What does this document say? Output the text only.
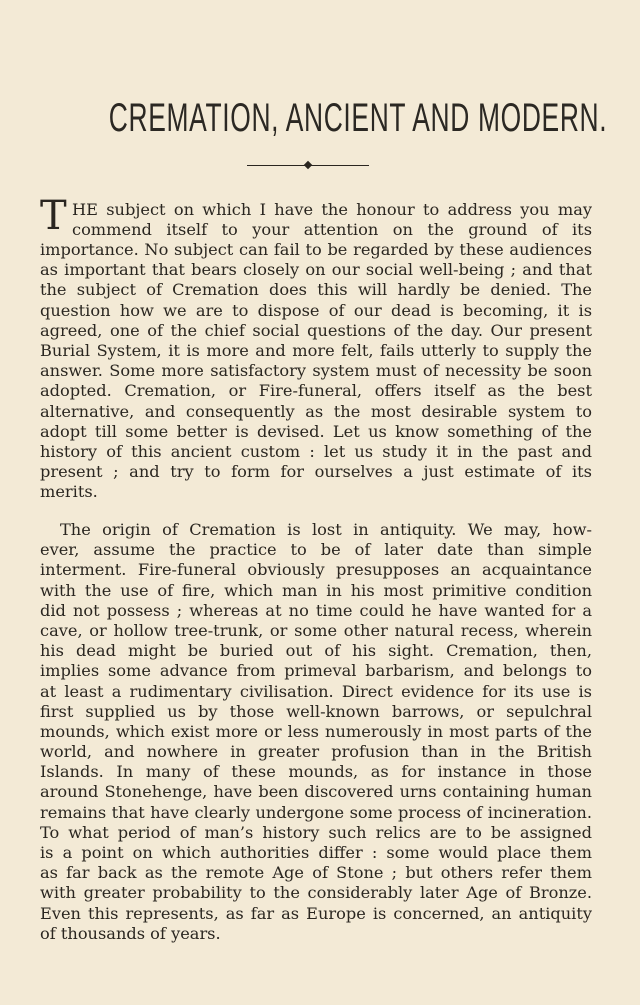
CREMATION, ANCIENT AND MODERN.
T HE subject on which I have the honour to address you may
commend itself to your attention on the ground of its
importance. No subject can fail to be regarded by these audiences
as important that bears closely on our social well-being ; and that
the subject of Cremation does this will hardly be denied. The
question how we are to dispose of our dead is becoming, it is
agreed, one of the chief social questions of the day. Our present
Burial System, it is more and more felt, fails utterly to supply the
answer. Some more satisfactory system must of necessity be soon
adopted. Cremation, or Fire-funeral, offers itself as the best
alternative, and consequently as the most desirable system to
adopt till some better is devised. Let us know something of the
history of this ancient custom : let us study it in the past and
present ; and try to form for ourselves a just estimate of its
merits.
The origin of Cremation is lost in antiquity. We may, how-
ever, assume the practice to be of later date than simple
interment. Fire-funeral obviously presupposes an acquaintance
with the use of fire, which man in his most primitive condition
did not possess ; whereas at no time could he have wanted for a
cave, or hollow tree-trunk, or some other natural recess, wherein
his dead might be buried out of his sight. Cremation, then,
implies some advance from primeval barbarism, and belongs to
at least a rudimentary civilisation. Direct evidence for its use is
first supplied us by those well-known barrows, or sepulchral
mounds, which exist more or less numerously in most parts of the
world, and nowhere in greater profusion than in the British
Islands. In many of these mounds, as for instance in those
around Stonehenge, have been discovered urns containing human
remains that have clearly undergone some process of incineration.
To what period of man’s history such relics are to be assigned
is a point on which authorities differ : some would place them
as far back as the remote Age of Stone ; but others refer them
with greater probability to the considerably later Age of Bronze.
Even this represents, as far as Europe is concerned, an antiquity
of thousands of years.
